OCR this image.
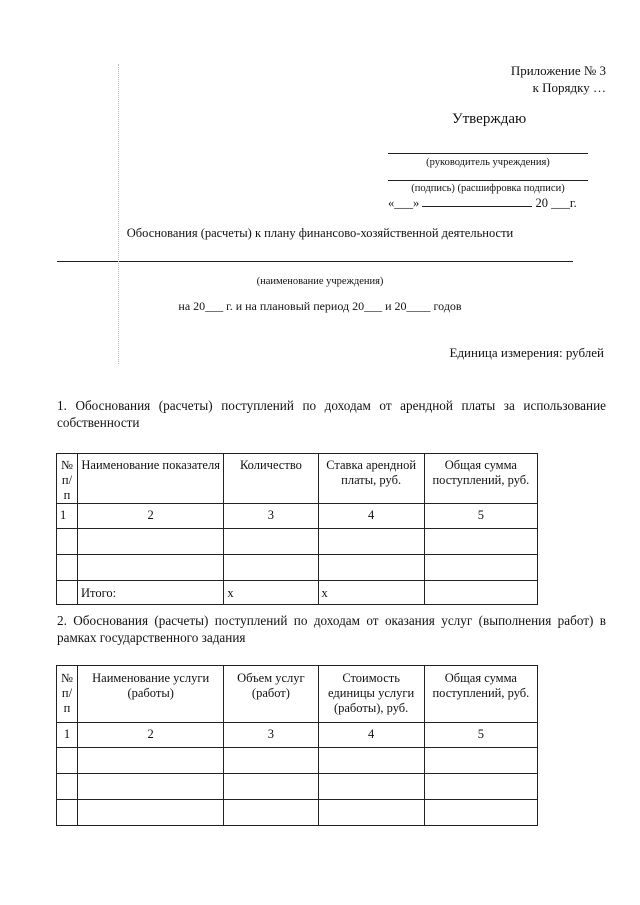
Приложение № 3
к Порядку …
Утверждаю
(руководитель учреждения)
(подпись) (расшифровка подписи)
«___»	20 ___г.
Обоснования (расчеты) к плану финансово-хозяйственной деятельности
(наименование учреждения)
на 20___ г. и на плановый период 20___ и 20____ годов
Единица измерения: рублей
1. Обоснования (расчеты) поступлений по доходам от арендной платы за использование собственности
№ п/п	Наименование показателя	Количество	Ставка арендной платы, руб.	Общая сумма поступлений, руб.
1	2	3	4	5

	Итого:	x	x	
2. Обоснования (расчеты) поступлений по доходам от оказания услуг (выполнения работ) в рамках государственного задания
№ п/п	Наименование услуги (работы)	Объем услуг (работ)	Стоимость единицы услуги (работы), руб.	Общая сумма поступлений, руб.
1	2	3	4	5
